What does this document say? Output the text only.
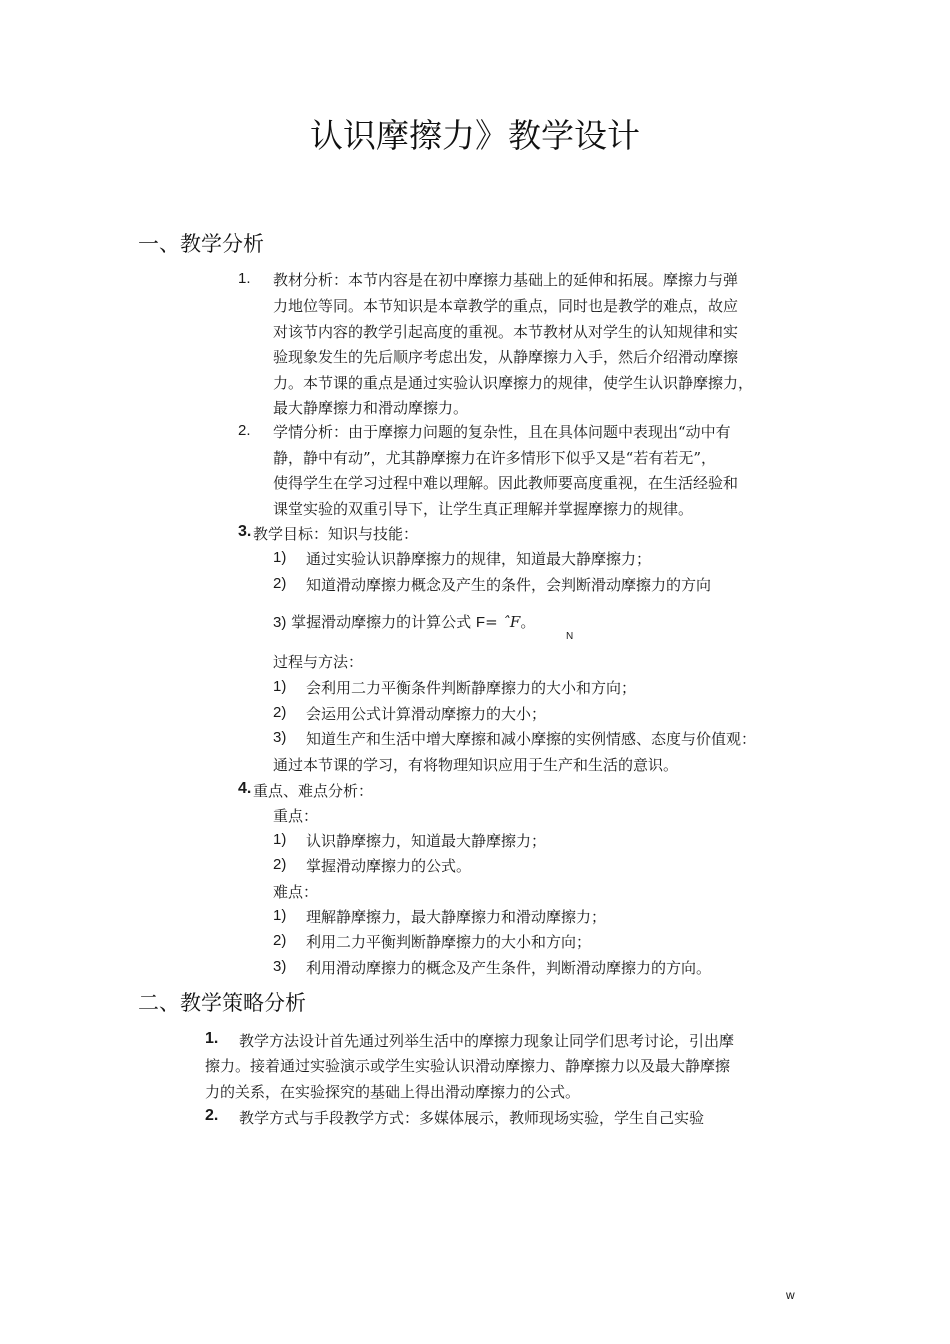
认识摩擦力》教学设计
一、教学分析
1. 教材分析：本节内容是在初中摩擦力基础上的延伸和拓展。摩擦力与弹
力地位等同。本节知识是本章教学的重点，同时也是教学的难点，故应
对该节内容的教学引起高度的重视。本节教材从对学生的认知规律和实
验现象发生的先后顺序考虑出发，从静摩擦力入手，然后介绍滑动摩擦
力。本节课的重点是通过实验认识摩擦力的规律，使学生认识静摩擦力，
最大静摩擦力和滑动摩擦力。
2. 学情分析：由于摩擦力问题的复杂性，且在具体问题中表现出“动中有
静，静中有动”，尤其静摩擦力在许多情形下似乎又是“若有若无”，
使得学生在学习过程中难以理解。因此教师要高度重视，在生活经验和
课堂实验的双重引导下，让学生真正理解并掌握摩擦力的规律。
3. 教学目标：知识与技能：
1) 通过实验认识静摩擦力的规律，知道最大静摩擦力；
2) 知道滑动摩擦力概念及产生的条件，会判断滑动摩擦力的方向
3) 掌握滑动摩擦力的计算公式 F= ˆF。
N
过程与方法：
1) 会利用二力平衡条件判断静摩擦力的大小和方向；
2) 会运用公式计算滑动摩擦力的大小；
3) 知道生产和生活中增大摩擦和减小摩擦的实例情感、态度与价值观：
通过本节课的学习，有将物理知识应用于生产和生活的意识。
4. 重点、难点分析：
重点：
1) 认识静摩擦力，知道最大静摩擦力；
2) 掌握滑动摩擦力的公式。
难点：
1) 理解静摩擦力，最大静摩擦力和滑动摩擦力；
2) 利用二力平衡判断静摩擦力的大小和方向；
3) 利用滑动摩擦力的概念及产生条件，判断滑动摩擦力的方向。
二、教学策略分析
1. 教学方法设计首先通过列举生活中的摩擦力现象让同学们思考讨论，引出摩
擦力。接着通过实验演示或学生实验认识滑动摩擦力、静摩擦力以及最大静摩擦
力的关系，在实验探究的基础上得出滑动摩擦力的公式。
2. 教学方式与手段教学方式：多媒体展示，教师现场实验，学生自己实验
w
